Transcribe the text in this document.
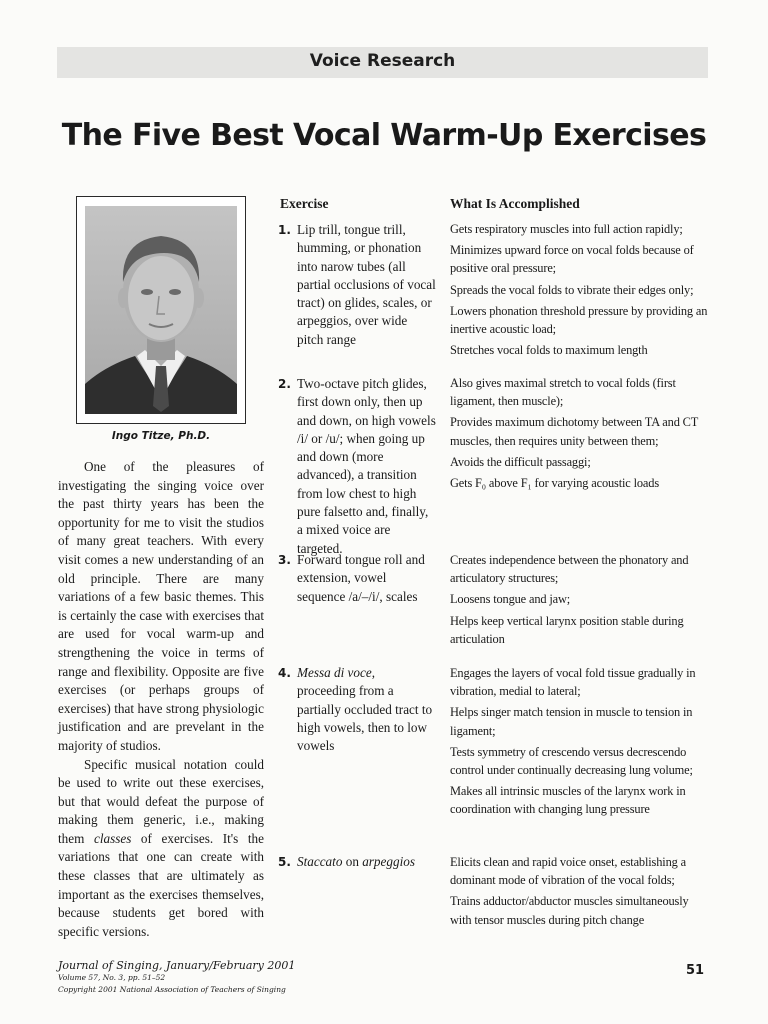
Voice Research
The Five Best Vocal Warm-Up Exercises
Ingo Titze, Ph.D.

One of the pleasures of investigating the singing voice over the past thirty years has been the opportunity for me to visit the studios of many great teachers. With every visit comes a new understanding of an old principle. There are many variations of a few basic themes. This is certainly the case with exercises that are used for vocal warm-up and strengthening the voice in terms of range and flexibility. Opposite are five exercises (or perhaps groups of exercises) that have strong physiologic justification and are prevelant in the majority of studios.

Specific musical notation could be used to write out these exercises, but that would defeat the purpose of making them generic, i.e., making them classes of exercises. It's the variations that one can create with these classes that are ultimately as important as the exercises themselves, because students get bored with specific versions.

Exercise	What Is Accomplished
1. Lip trill, tongue trill, humming, or phonation into narow tubes (all partial occlusions of vocal tract) on glides, scales, or arpeggios, over wide pitch range
Gets respiratory muscles into full action rapidly;
Minimizes upward force on vocal folds because of positive oral pressure;
Spreads the vocal folds to vibrate their edges only;
Lowers phonation threshold pressure by providing an inertive acoustic load;
Stretches vocal folds to maximum length
2. Two-octave pitch glides, first down only, then up and down, on high vowels /i/ or /u/; when going up and down (more advanced), a transition from low chest to high pure falsetto and, finally, a mixed voice are targeted.
Also gives maximal stretch to vocal folds (first ligament, then muscle);
Provides maximum dichotomy between TA and CT muscles, then requires unity between them;
Avoids the difficult passaggi;
Gets F₀ above F₁ for varying acoustic loads
3. Forward tongue roll and extension, vowel sequence /a/–/i/, scales
Creates independence between the phonatory and articulatory structures;
Loosens tongue and jaw;
Helps keep vertical larynx position stable during articulation
4. Messa di voce, proceeding from a partially occluded tract to high vowels, then to low vowels
Engages the layers of vocal fold tissue gradually in vibration, medial to lateral;
Helps singer match tension in muscle to tension in ligament;
Tests symmetry of crescendo versus decrescendo control under continually decreasing lung volume;
Makes all intrinsic muscles of the larynx work in coordination with changing lung pressure
5. Staccato on arpeggios	Elicits clean and rapid voice onset, establishing a dominant mode of vibration of the vocal folds;
Trains adductor/abductor muscles simultaneously with tensor muscles during pitch change
Journal of Singing, January/February 2001
Volume 57, No. 3, pp. 51–52
Copyright 2001 National Association of Teachers of Singing
51
